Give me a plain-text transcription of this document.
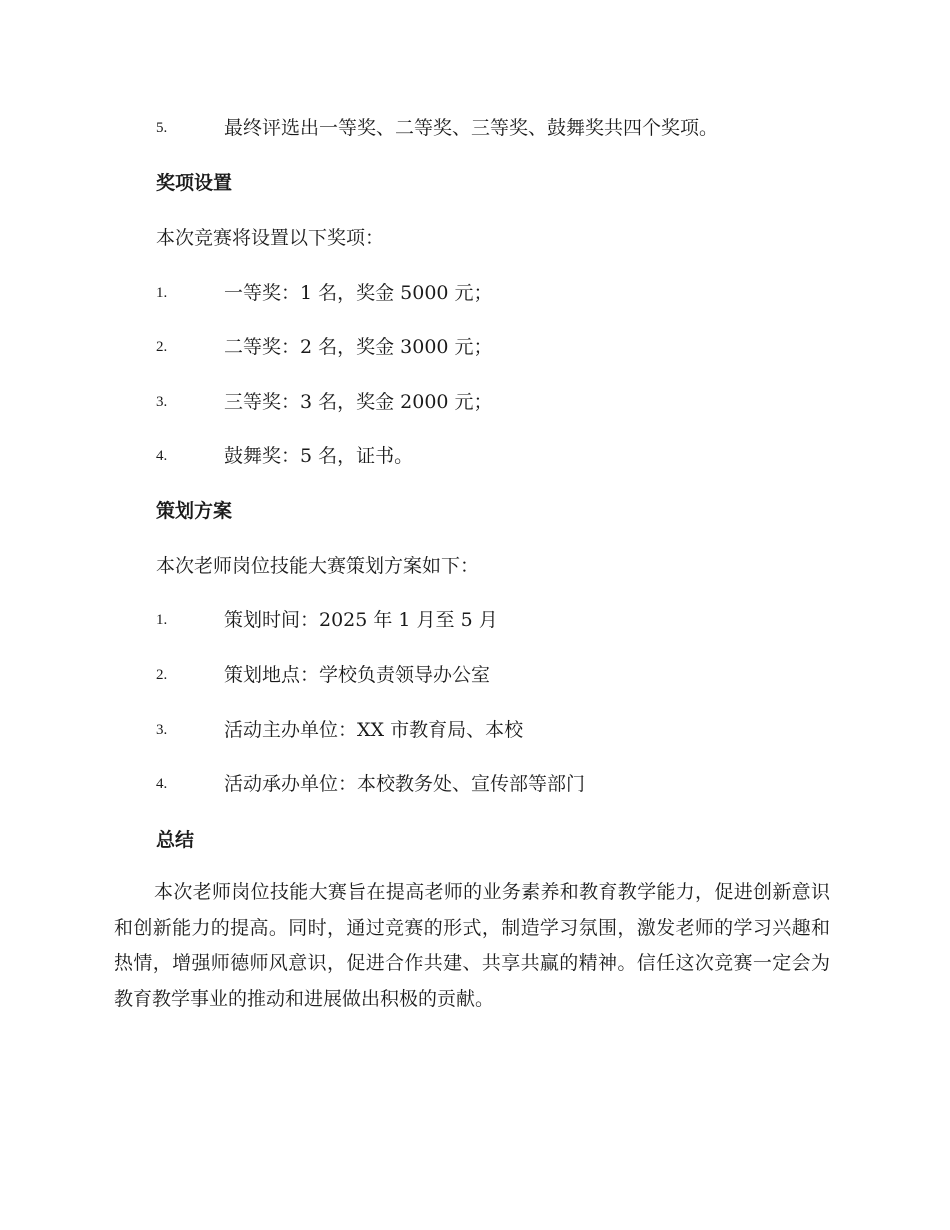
5.	最终评选出一等奖、二等奖、三等奖、鼓舞奖共四个奖项。
奖项设置
本次竞赛将设置以下奖项：
1.	一等奖：1 名，奖金 5000 元；
2.	二等奖：2 名，奖金 3000 元；
3.	三等奖：3 名，奖金 2000 元；
4.	鼓舞奖：5 名，证书。
策划方案
本次老师岗位技能大赛策划方案如下：
1.	策划时间：2025 年 1 月至 5 月
2.	策划地点：学校负责领导办公室
3.	活动主办单位：XX 市教育局、本校
4.	活动承办单位：本校教务处、宣传部等部门
总结

本次老师岗位技能大赛旨在提高老师的业务素养和教育教学能力，促进创新意识和创新能力的提高。同时，通过竞赛的形式，制造学习氛围，激发老师的学习兴趣和热情，增强师德师风意识，促进合作共建、共享共赢的精神。信任这次竞赛一定会为教育教学事业的推动和进展做出积极的贡献。
